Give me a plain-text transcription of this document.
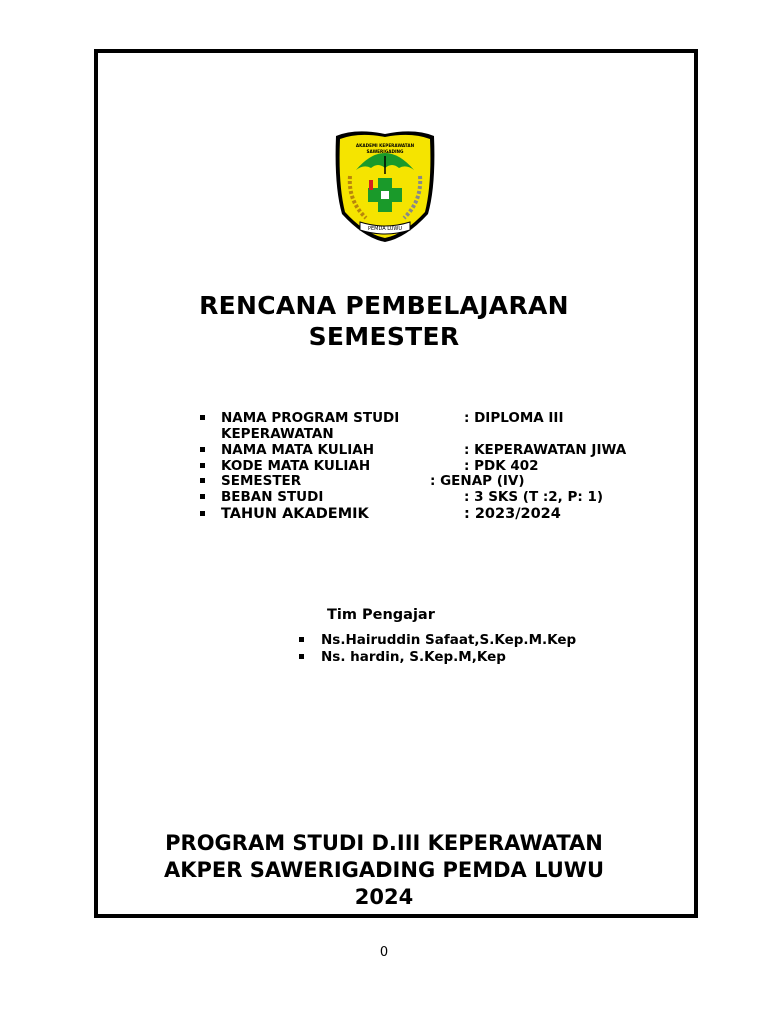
PEMDA LUWU
AKADEMI KEPERAWATAN
SAWERIGADING
RENCANA PEMBELAJARAN
SEMESTER
NAMA PROGRAM STUDI	: DIPLOMA III
KEPERAWATAN
NAMA MATA KULIAH	: KEPERAWATAN JIWA
KODE MATA KULIAH	: PDK 402
SEMESTER	: GENAP (IV)
BEBAN STUDI	: 3 SKS (T :2, P: 1)
TAHUN AKADEMIK	: 2023/2024
Tim Pengajar
Ns.Hairuddin Safaat,S.Kep.M.Kep
Ns. hardin, S.Kep.M,Kep
PROGRAM STUDI D.III KEPERAWATAN
AKPER SAWERIGADING PEMDA LUWU
2024
0
